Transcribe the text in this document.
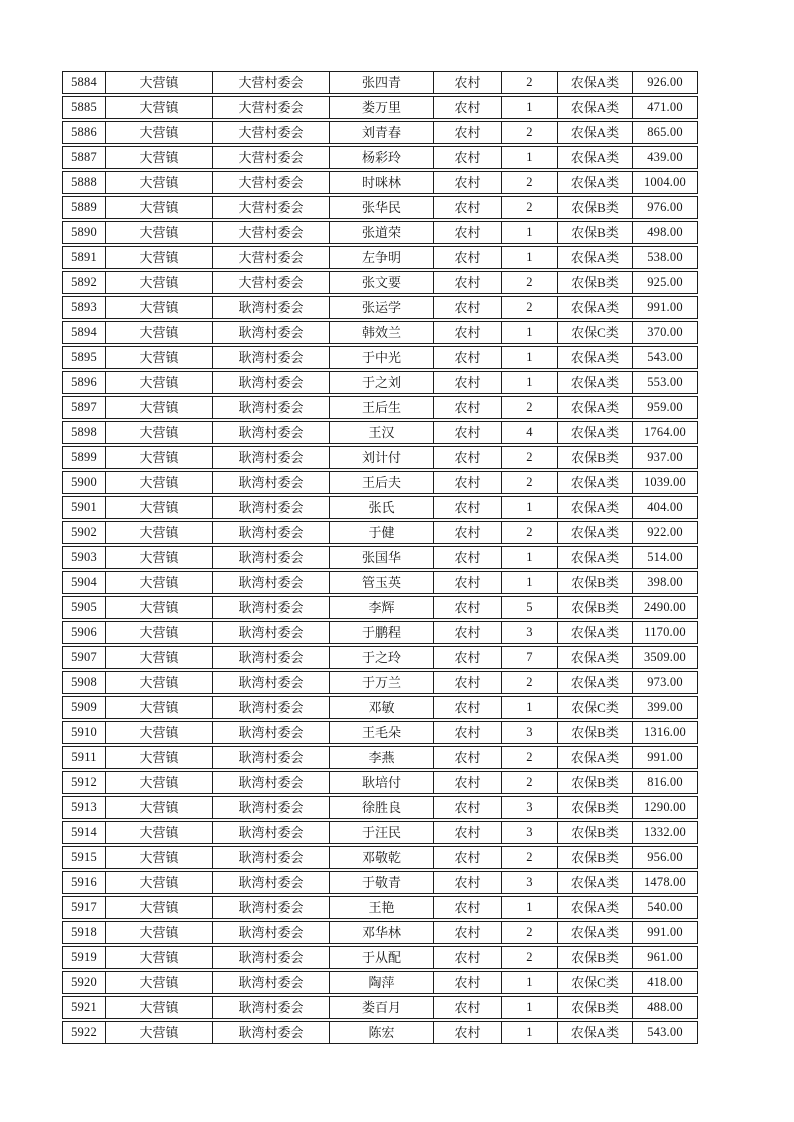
5884	大营镇	大营村委会	张四青	农村	2	农保A类	926.00
5885	大营镇	大营村委会	娄万里	农村	1	农保A类	471.00
5886	大营镇	大营村委会	刘青春	农村	2	农保A类	865.00
5887	大营镇	大营村委会	杨彩玲	农村	1	农保A类	439.00
5888	大营镇	大营村委会	时咪林	农村	2	农保A类	1004.00
5889	大营镇	大营村委会	张华民	农村	2	农保B类	976.00
5890	大营镇	大营村委会	张道荣	农村	1	农保B类	498.00
5891	大营镇	大营村委会	左争明	农村	1	农保A类	538.00
5892	大营镇	大营村委会	张文要	农村	2	农保B类	925.00
5893	大营镇	耿湾村委会	张运学	农村	2	农保A类	991.00
5894	大营镇	耿湾村委会	韩效兰	农村	1	农保C类	370.00
5895	大营镇	耿湾村委会	于中光	农村	1	农保A类	543.00
5896	大营镇	耿湾村委会	于之刘	农村	1	农保A类	553.00
5897	大营镇	耿湾村委会	王后生	农村	2	农保A类	959.00
5898	大营镇	耿湾村委会	王汉	农村	4	农保A类	1764.00
5899	大营镇	耿湾村委会	刘计付	农村	2	农保B类	937.00
5900	大营镇	耿湾村委会	王后夫	农村	2	农保A类	1039.00
5901	大营镇	耿湾村委会	张氏	农村	1	农保A类	404.00
5902	大营镇	耿湾村委会	于健	农村	2	农保A类	922.00
5903	大营镇	耿湾村委会	张国华	农村	1	农保A类	514.00
5904	大营镇	耿湾村委会	管玉英	农村	1	农保B类	398.00
5905	大营镇	耿湾村委会	李辉	农村	5	农保B类	2490.00
5906	大营镇	耿湾村委会	于鹏程	农村	3	农保A类	1170.00
5907	大营镇	耿湾村委会	于之玲	农村	7	农保A类	3509.00
5908	大营镇	耿湾村委会	于万兰	农村	2	农保A类	973.00
5909	大营镇	耿湾村委会	邓敏	农村	1	农保C类	399.00
5910	大营镇	耿湾村委会	王毛朵	农村	3	农保B类	1316.00
5911	大营镇	耿湾村委会	李燕	农村	2	农保A类	991.00
5912	大营镇	耿湾村委会	耿培付	农村	2	农保B类	816.00
5913	大营镇	耿湾村委会	徐胜良	农村	3	农保B类	1290.00
5914	大营镇	耿湾村委会	于汪民	农村	3	农保B类	1332.00
5915	大营镇	耿湾村委会	邓敬乾	农村	2	农保B类	956.00
5916	大营镇	耿湾村委会	于敬青	农村	3	农保A类	1478.00
5917	大营镇	耿湾村委会	王艳	农村	1	农保A类	540.00
5918	大营镇	耿湾村委会	邓华林	农村	2	农保A类	991.00
5919	大营镇	耿湾村委会	于从配	农村	2	农保B类	961.00
5920	大营镇	耿湾村委会	陶萍	农村	1	农保C类	418.00
5921	大营镇	耿湾村委会	娄百月	农村	1	农保B类	488.00
5922	大营镇	耿湾村委会	陈宏	农村	1	农保A类	543.00
